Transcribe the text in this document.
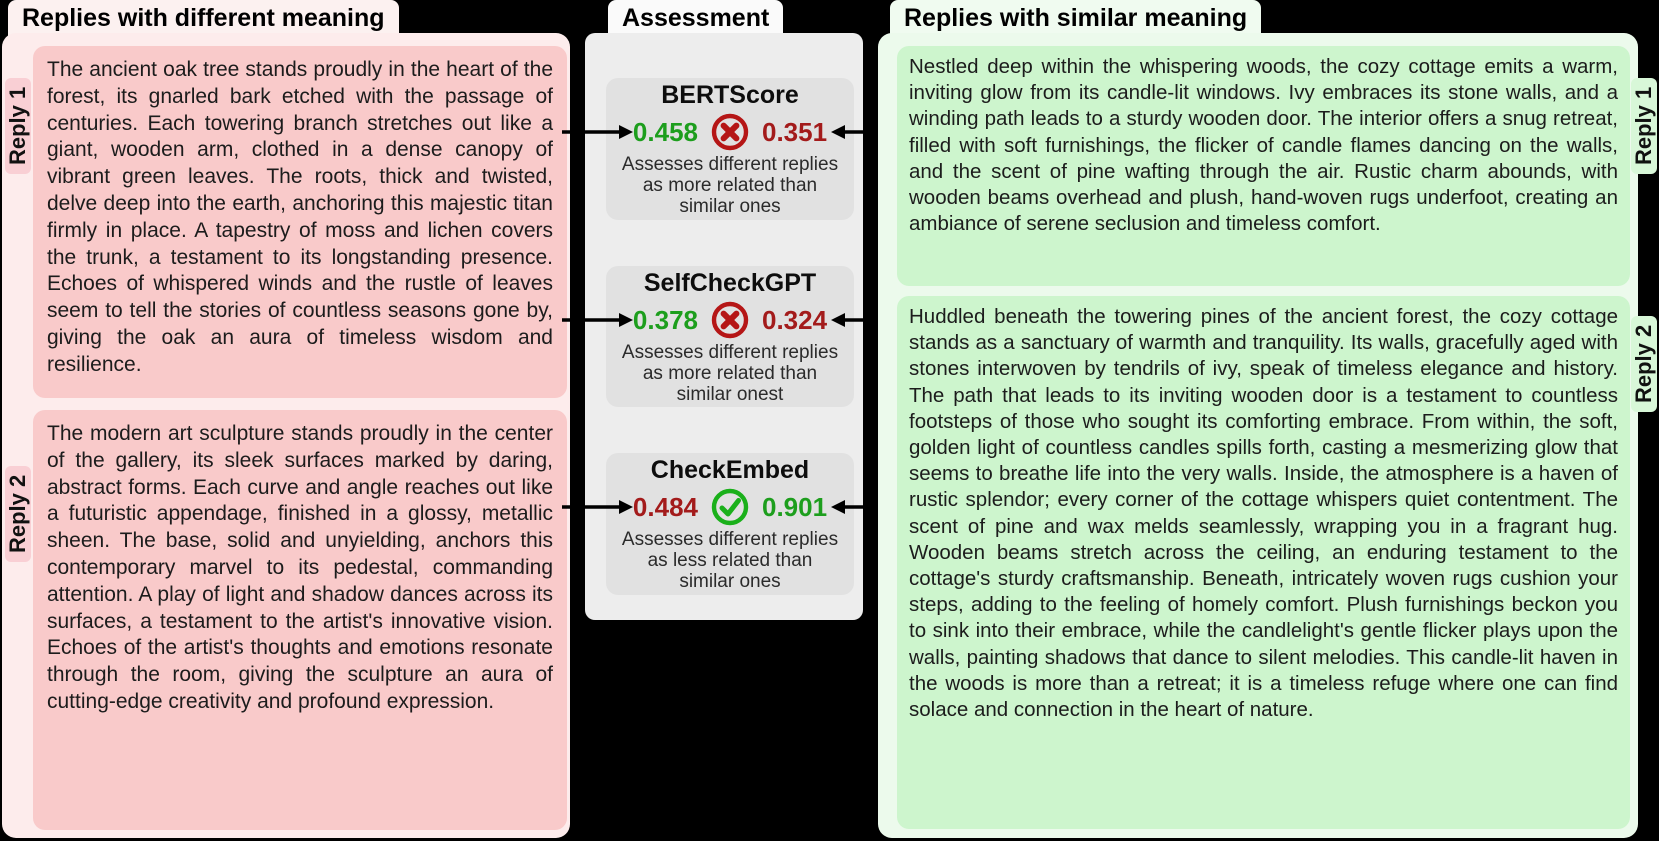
Replies with different meaning

The ancient oak tree stands proudly in the heart of the forest, its gnarled bark etched with the passage of centuries. Each towering branch stretches out like a giant, wooden arm, clothed in a dense canopy of vibrant green leaves. The roots, thick and twisted, delve deep into the earth, anchoring this majestic titan firmly in place. A tapestry of moss and lichen covers the trunk, a testament to its longstanding presence. Echoes of whispered winds and the rustle of leaves seem to tell the stories of countless seasons gone by, giving the oak an aura of timeless wisdom and resilience.

Reply 1

The modern art sculpture stands proudly in the center of the gallery, its sleek surfaces marked by daring, abstract forms. Each curve and angle reaches out like a futuristic appendage, finished in a glossy, metallic sheen. The base, solid and unyielding, anchors this contemporary marvel to its pedestal, commanding attention. A play of light and shadow dances across its surfaces, a testament to the artist's innovative vision. Echoes of the artist's thoughts and emotions resonate through the room, giving the sculpture an aura of cutting-edge creativity and profound expression.

Reply 2
Assessment
BERTScore
0.458 0.351
Assesses different replies as more related than similar ones
SelfCheckGPT
0.378 0.324
Assesses different replies as more related than similar onest
CheckEmbed
0.484 0.901
Assesses different replies as less related than similar ones
Replies with similar meaning

Nestled deep within the whispering woods, the cozy cottage emits a warm, inviting glow from its candle-lit windows. Ivy embraces its stone walls, and a winding path leads to a sturdy wooden door. The interior offers a snug retreat, filled with soft furnishings, the flicker of candle flames dancing on the walls, and the scent of pine wafting through the air. Rustic charm abounds, with wooden beams overhead and plush, hand-woven rugs underfoot, creating an ambiance of serene seclusion and timeless comfort.

Reply 1

Huddled beneath the towering pines of the ancient forest, the cozy cottage stands as a sanctuary of warmth and tranquility. Its walls, gracefully aged with stones interwoven by tendrils of ivy, speak of timeless elegance and history. The path that leads to its inviting wooden door is a testament to countless footsteps of those who sought its comforting embrace. From within, the soft, golden light of countless candles spills forth, casting a mesmerizing glow that seems to breathe life into the very walls. Inside, the atmosphere is a haven of rustic splendor; every corner of the cottage whispers quiet contentment. The scent of pine and wax melds seamlessly, wrapping you in a fragrant hug. Wooden beams stretch across the ceiling, an enduring testament to the cottage's sturdy craftsmanship. Beneath, intricately woven rugs cushion your steps, adding to the feeling of homely comfort. Plush furnishings beckon you to sink into their embrace, while the candlelight's gentle flicker plays upon the walls, painting shadows that dance to silent melodies. This candle-lit haven in the woods is more than a retreat; it is a timeless refuge where one can find solace and connection in the heart of nature.

Reply 2
